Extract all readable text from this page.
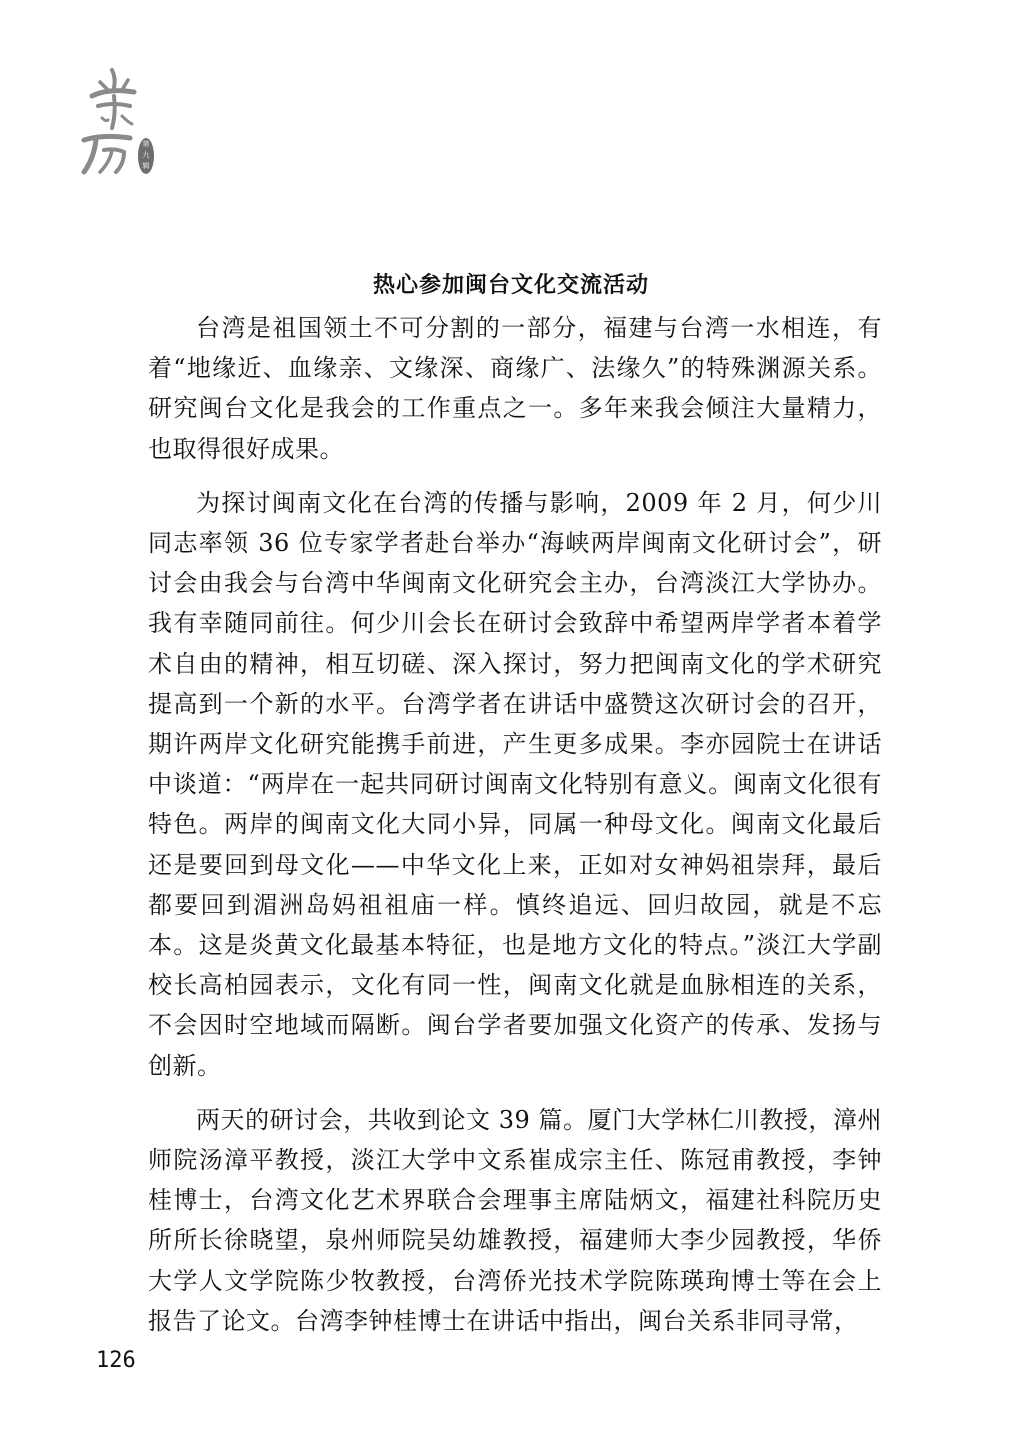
第
九
辑
热心参加闽台文化交流活动

台湾是祖国领土不可分割的一部分，福建与台湾一水相连，有着“地缘近、血缘亲、文缘深、商缘广、法缘久”的特殊渊源关系。研究闽台文化是我会的工作重点之一。多年来我会倾注大量精力，也取得很好成果。

为探讨闽南文化在台湾的传播与影响，2009 年 2 月，何少川同志率领 36 位专家学者赴台举办“海峡两岸闽南文化研讨会”，研讨会由我会与台湾中华闽南文化研究会主办，台湾淡江大学协办。我有幸随同前往。何少川会长在研讨会致辞中希望两岸学者本着学术自由的精神，相互切磋、深入探讨，努力把闽南文化的学术研究提高到一个新的水平。台湾学者在讲话中盛赞这次研讨会的召开，期许两岸文化研究能携手前进，产生更多成果。李亦园院士在讲话中谈道：“两岸在一起共同研讨闽南文化特别有意义。闽南文化很有特色。两岸的闽南文化大同小异，同属一种母文化。闽南文化最后还是要回到母文化——中华文化上来，正如对女神妈祖崇拜，最后都要回到湄洲岛妈祖祖庙一样。慎终追远、回归故园，就是不忘本。这是炎黄文化最基本特征，也是地方文化的特点。”淡江大学副校长高柏园表示，文化有同一性，闽南文化就是血脉相连的关系，不会因时空地域而隔断。闽台学者要加强文化资产的传承、发扬与创新。

两天的研讨会，共收到论文 39 篇。厦门大学林仁川教授，漳州师院汤漳平教授，淡江大学中文系崔成宗主任、陈冠甫教授，李钟桂博士，台湾文化艺术界联合会理事主席陆炳文，福建社科院历史所所长徐晓望，泉州师院吴幼雄教授，福建师大李少园教授，华侨大学人文学院陈少牧教授，台湾侨光技术学院陈瑛珣博士等在会上报告了论文。台湾李钟桂博士在讲话中指出，闽台关系非同寻常，

126
